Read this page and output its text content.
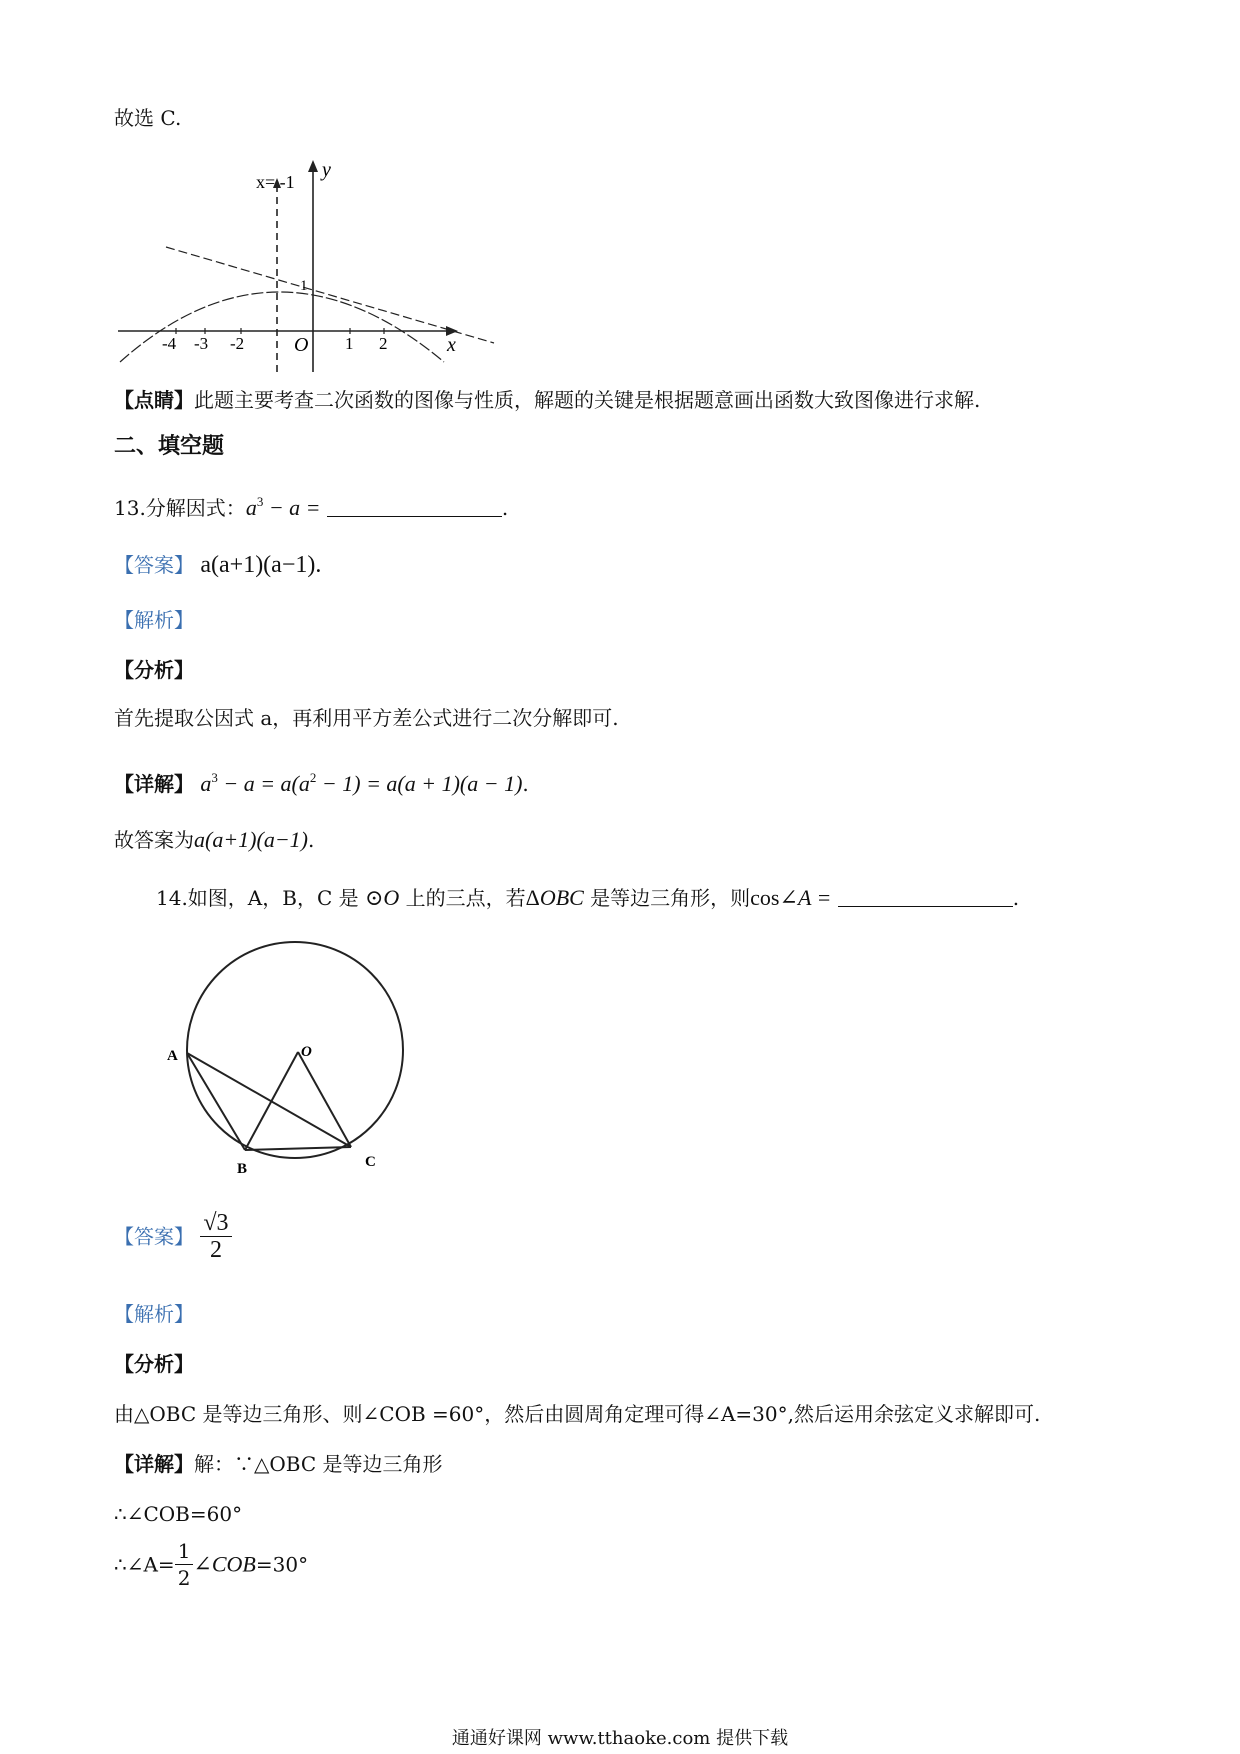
故选 C.
y
x
O
x= -1
1
-4 -3 -2	1 2
【点睛】此题主要考查二次函数的图像与性质，解题的关键是根据题意画出函数大致图像进行求解.
二、填空题
13.分解因式：$a^3 - a$ =	.
【答案】 a(a+1)(a−1).
【解析】
【分析】
首先提取公因式 a，再利用平方差公式进行二次分解即可.
【详解】 $a^3 - a = a(a^2 - 1) = a(a + 1)(a - 1)$.
故答案为a(a+1)(a−1).
14.如图，A，B，C 是 ⊙O 上的三点，若ΔOBC 是等边三角形，则cos∠A =	.
A
B	C
O
【答案】 $\frac{√3}{2}$
【解析】
【分析】
由△OBC 是等边三角形、则∠COB =60°，然后由圆周角定理可得∠A=30°,然后运用余弦定义求解即可.
【详解】解：∵△OBC 是等边三角形
∴∠COB=60°
∴∠A= $\frac{1}{2}$ ∠COB=30°
通通好课网 www.tthaoke.com 提供下载
